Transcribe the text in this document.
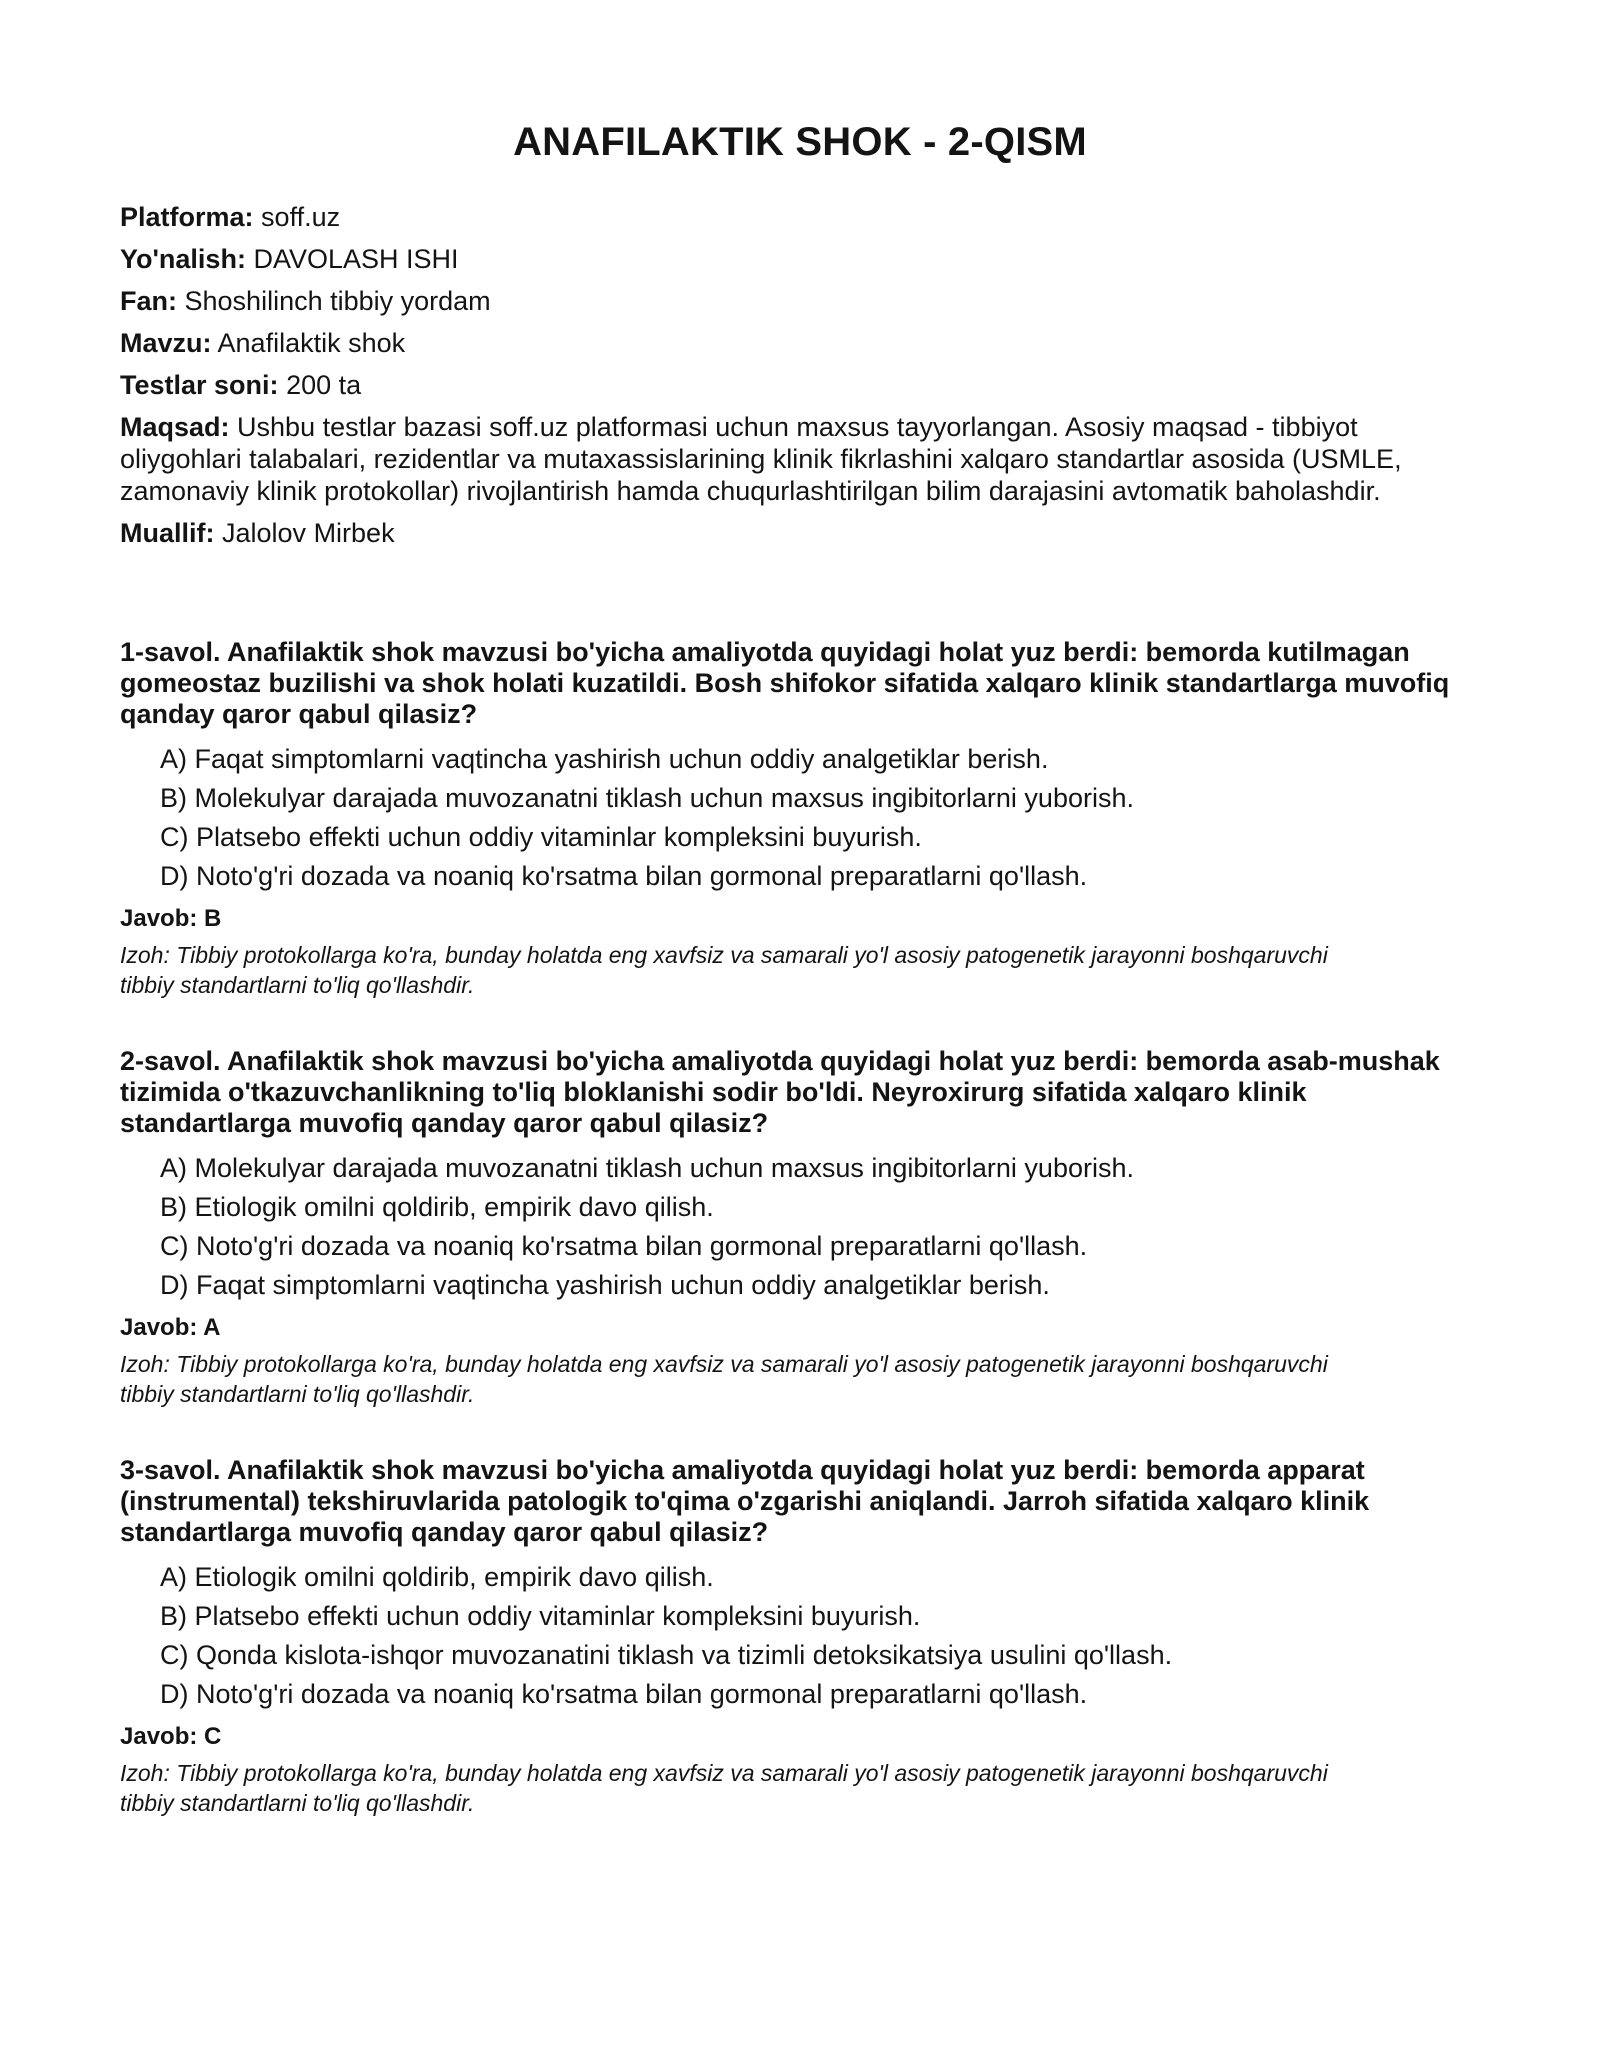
ANAFILAKTIK SHOK - 2-QISM

Platforma: soff.uz

Yo'nalish: DAVOLASH ISHI

Fan: Shoshilinch tibbiy yordam

Mavzu: Anafilaktik shok

Testlar soni: 200 ta

Maqsad: Ushbu testlar bazasi soff.uz platformasi uchun maxsus tayyorlangan. Asosiy maqsad - tibbiyot oliygohlari talabalari, rezidentlar va mutaxassislarining klinik fikrlashini xalqaro standartlar asosida (USMLE, zamonaviy klinik protokollar) rivojlantirish hamda chuqurlashtirilgan bilim darajasini avtomatik baholashdir.

Muallif: Jalolov Mirbek

1-savol. Anafilaktik shok mavzusi bo'yicha amaliyotda quyidagi holat yuz berdi: bemorda kutilmagan gomeostaz buzilishi va shok holati kuzatildi. Bosh shifokor sifatida xalqaro klinik standartlarga muvofiq qanday qaror qabul qilasiz?

A) Faqat simptomlarni vaqtincha yashirish uchun oddiy analgetiklar berish.
B) Molekulyar darajada muvozanatni tiklash uchun maxsus ingibitorlarni yuborish.
C) Platsebo effekti uchun oddiy vitaminlar kompleksini buyurish.
D) Noto'g'ri dozada va noaniq ko'rsatma bilan gormonal preparatlarni qo'llash.

Javob: B

Izoh: Tibbiy protokollarga ko'ra, bunday holatda eng xavfsiz va samarali yo'l asosiy patogenetik jarayonni boshqaruvchi tibbiy standartlarni to'liq qo'llashdir.

2-savol. Anafilaktik shok mavzusi bo'yicha amaliyotda quyidagi holat yuz berdi: bemorda asab-mushak tizimida o'tkazuvchanlikning to'liq bloklanishi sodir bo'ldi. Neyroxirurg sifatida xalqaro klinik standartlarga muvofiq qanday qaror qabul qilasiz?

A) Molekulyar darajada muvozanatni tiklash uchun maxsus ingibitorlarni yuborish.
B) Etiologik omilni qoldirib, empirik davo qilish.
C) Noto'g'ri dozada va noaniq ko'rsatma bilan gormonal preparatlarni qo'llash.
D) Faqat simptomlarni vaqtincha yashirish uchun oddiy analgetiklar berish.

Javob: A

Izoh: Tibbiy protokollarga ko'ra, bunday holatda eng xavfsiz va samarali yo'l asosiy patogenetik jarayonni boshqaruvchi tibbiy standartlarni to'liq qo'llashdir.

3-savol. Anafilaktik shok mavzusi bo'yicha amaliyotda quyidagi holat yuz berdi: bemorda apparat (instrumental) tekshiruvlarida patologik to'qima o'zgarishi aniqlandi. Jarroh sifatida xalqaro klinik standartlarga muvofiq qanday qaror qabul qilasiz?

A) Etiologik omilni qoldirib, empirik davo qilish.
B) Platsebo effekti uchun oddiy vitaminlar kompleksini buyurish.
C) Qonda kislota-ishqor muvozanatini tiklash va tizimli detoksikatsiya usulini qo'llash.
D) Noto'g'ri dozada va noaniq ko'rsatma bilan gormonal preparatlarni qo'llash.

Javob: C

Izoh: Tibbiy protokollarga ko'ra, bunday holatda eng xavfsiz va samarali yo'l asosiy patogenetik jarayonni boshqaruvchi tibbiy standartlarni to'liq qo'llashdir.
